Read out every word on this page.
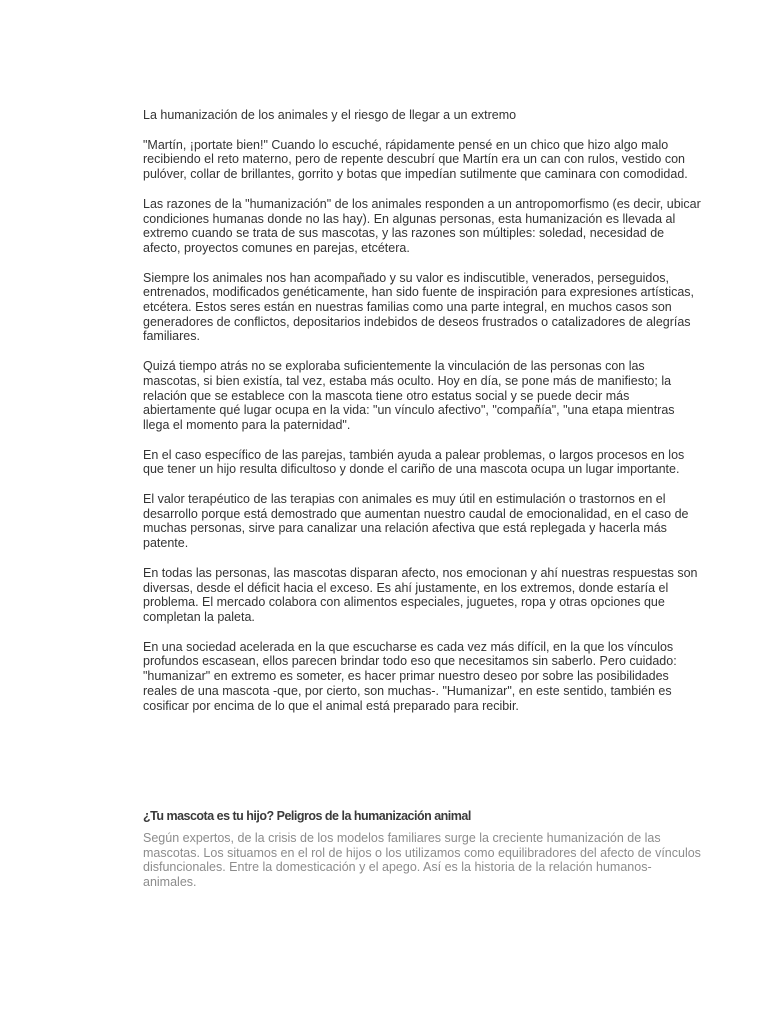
La humanización de los animales y el riesgo de llegar a un extremo

"Martín, ¡portate bien!" Cuando lo escuché, rápidamente pensé en un chico que hizo algo malo recibiendo el reto materno, pero de repente descubrí que Martín era un can con rulos, vestido con pulóver, collar de brillantes, gorrito y botas que impedían sutilmente que caminara con comodidad.

Las razones de la "humanización" de los animales responden a un antropomorfismo (es decir, ubicar condiciones humanas donde no las hay). En algunas personas, esta humanización es llevada al extremo cuando se trata de sus mascotas, y las razones son múltiples: soledad, necesidad de afecto, proyectos comunes en parejas, etcétera.

Siempre los animales nos han acompañado y su valor es indiscutible, venerados, perseguidos, entrenados, modificados genéticamente, han sido fuente de inspiración para expresiones artísticas, etcétera. Estos seres están en nuestras familias como una parte integral, en muchos casos son generadores de conflictos, depositarios indebidos de deseos frustrados o catalizadores de alegrías familiares.

Quizá tiempo atrás no se exploraba suficientemente la vinculación de las personas con las mascotas, si bien existía, tal vez, estaba más oculto. Hoy en día, se pone más de manifiesto; la relación que se establece con la mascota tiene otro estatus social y se puede decir más abiertamente qué lugar ocupa en la vida: "un vínculo afectivo", "compañía", "una etapa mientras llega el momento para la paternidad".

En el caso específico de las parejas, también ayuda a palear problemas, o largos procesos en los que tener un hijo resulta dificultoso y donde el cariño de una mascota ocupa un lugar importante.

El valor terapéutico de las terapias con animales es muy útil en estimulación o trastornos en el desarrollo porque está demostrado que aumentan nuestro caudal de emocionalidad, en el caso de muchas personas, sirve para canalizar una relación afectiva que está replegada y hacerla más patente.

En todas las personas, las mascotas disparan afecto, nos emocionan y ahí nuestras respuestas son diversas, desde el déficit hacia el exceso. Es ahí justamente, en los extremos, donde estaría el problema. El mercado colabora con alimentos especiales, juguetes, ropa y otras opciones que completan la paleta.

En una sociedad acelerada en la que escucharse es cada vez más difícil, en la que los vínculos profundos escasean, ellos parecen brindar todo eso que necesitamos sin saberlo. Pero cuidado: "humanizar" en extremo es someter, es hacer primar nuestro deseo por sobre las posibilidades reales de una mascota -que, por cierto, son muchas-. "Humanizar", en este sentido, también es cosificar por encima de lo que el animal está preparado para recibir.

¿Tu mascota es tu hijo? Peligros de la humanización animal

Según expertos, de la crisis de los modelos familiares surge la creciente humanización de las mascotas. Los situamos en el rol de hijos o los utilizamos como equilibradores del afecto de vínculos disfuncionales. Entre la domesticación y el apego. Así es la historia de la relación humanos-animales.
